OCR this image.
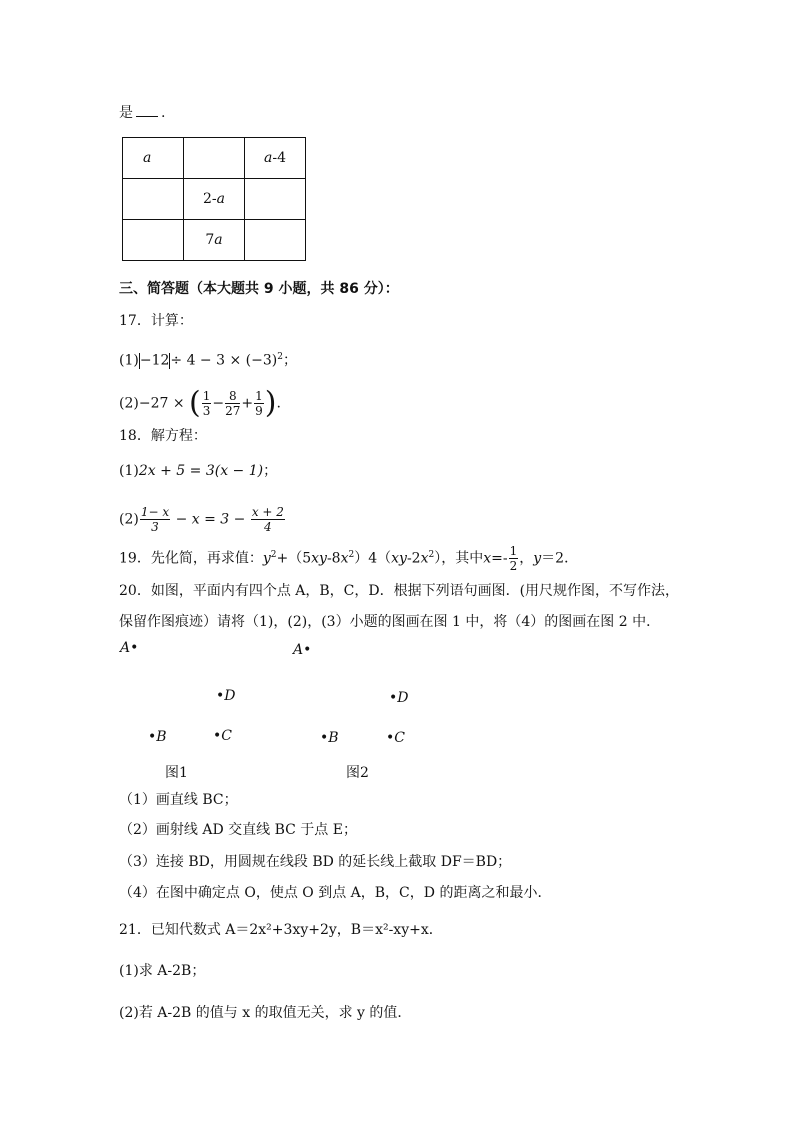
是 .
a		a-4
	2-a	
	7a	
三、简答题（本大题共 9 小题，共 86 分）：
17．计算：
$(1)-12\div 4 - 3 \times (-3)^2$；
(2)−27 × ( $\frac{1}{3} - \frac{8}{27} + \frac{1}{9}$ ).
18．解方程：
(1)2x + 5 = 3(x − 1)；
$(2) \frac{1- x}{3} - x = 3 - \frac{x + 2}{4}$
19．先化简，再求值：$y^2+(5xy-8x^2)4(xy-2x^2)$，其中$x=- \frac{1}{2}$ ，y＝2．
20．如图，平面内有四个点 A，B，C，D．根据下列语句画图．(用尺规作图，不写作法，
保留作图痕迹）请将（1)，(2)，(3）小题的图画在图 1 中，将（4）的图画在图 2 中．
A•
•D
•B	•C
图1
A•
•D
•B	•C
图2
（1）画直线 BC；
（2）画射线 AD 交直线 BC 于点 E；
（3）连接 BD，用圆规在线段 BD 的延长线上截取 DF＝BD；
（4）在图中确定点 O，使点 O 到点 A，B，C，D 的距离之和最小．
21．已知代数式 A＝2x²+3xy+2y，B＝x²-xy+x．
(1)求 A-2B；
(2)若 A-2B 的值与 x 的取值无关，求 y 的值．
